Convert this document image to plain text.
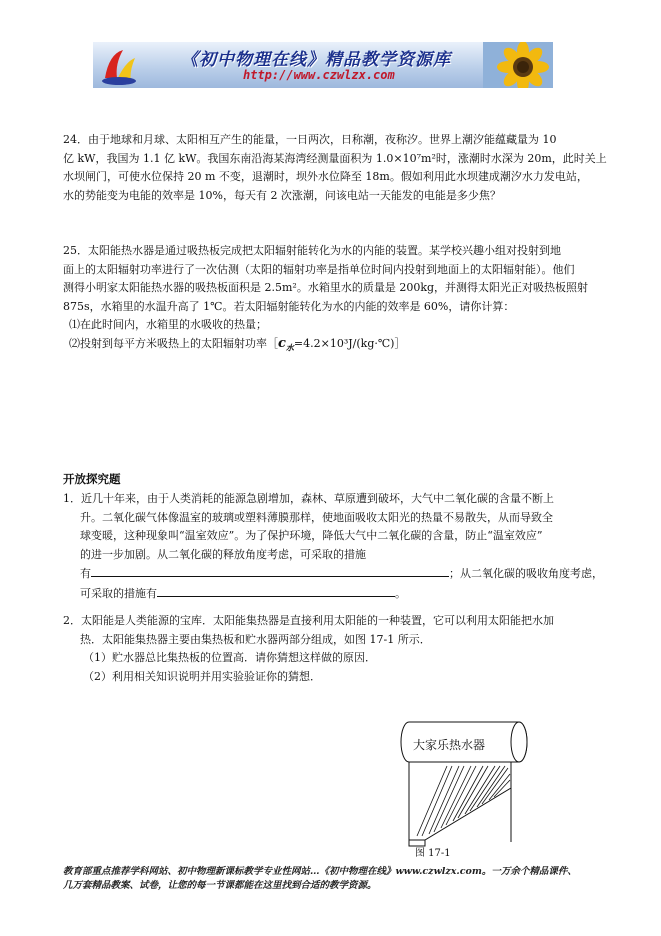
《初中物理在线》精品教学资源库
http://www.czwlzx.com
24．由于地球和月球、太阳相互产生的能量，一日两次，日称潮，夜称汐。世界上潮汐能蕴藏量为 10
亿 kW，我国为 1.1 亿 kW。我国东南沿海某海湾经测量面积为 1.0×10⁷m²时，涨潮时水深为 20m，此时关上
水坝闸门，可使水位保持 20 m 不变，退潮时，坝外水位降至 18m。假如利用此水坝建成潮汐水力发电站，
水的势能变为电能的效率是 10%，每天有 2 次涨潮，问该电站一天能发的电能是多少焦？
25．太阳能热水器是通过吸热板完成把太阳辐射能转化为水的内能的装置。某学校兴趣小组对投射到地
面上的太阳辐射功率进行了一次估测（太阳的辐射功率是指单位时间内投射到地面上的太阳辐射能）。他们
测得小明家太阳能热水器的吸热板面积是 2.5m²。水箱里水的质量是 200kg，并测得太阳光正对吸热板照射
875s，水箱里的水温升高了 1℃。若太阳辐射能转化为水的内能的效率是 60%，请你计算：
⑴在此时间内，水箱里的水吸收的热量；
⑵投射到每平方米吸热上的太阳辐射功率$[c_水=4.2\times 10^3J/(kg\cdot℃)]$
开放探究题
1．近几十年来，由于人类消耗的能源急剧增加，森林、草原遭到破坏，大气中二氧化碳的含量不断上
升。二氧化碳气体像温室的玻璃或塑料薄膜那样，使地面吸收太阳光的热量不易散失，从而导致全
球变暖，这种现象叫“温室效应”。为了保护环境，降低大气中二氧化碳的含量，防止“温室效应”
的进一步加剧。从二氧化碳的释放角度考虑，可采取的措施
有	；从二氧化碳的吸收角度考虑，
可采取的措施有	。
2．太阳能是人类能源的宝库．太阳能集热器是直接利用太阳能的一种装置，它可以利用太阳能把水加
热．太阳能集热器主要由集热板和贮水器两部分组成，如图 17-1 所示．
（1）贮水器总比集热板的位置高．请你猜想这样做的原因．
（2）利用相关知识说明并用实验验证你的猜想．
大家乐热水器
图 17-1
教育部重点推荐学科网站、初中物理新课标教学专业性网站…《初中物理在线》www.czwlzx.com。一万余个精品课件、
几万套精品教案、试卷，让您的每一节课都能在这里找到合适的教学资源。
